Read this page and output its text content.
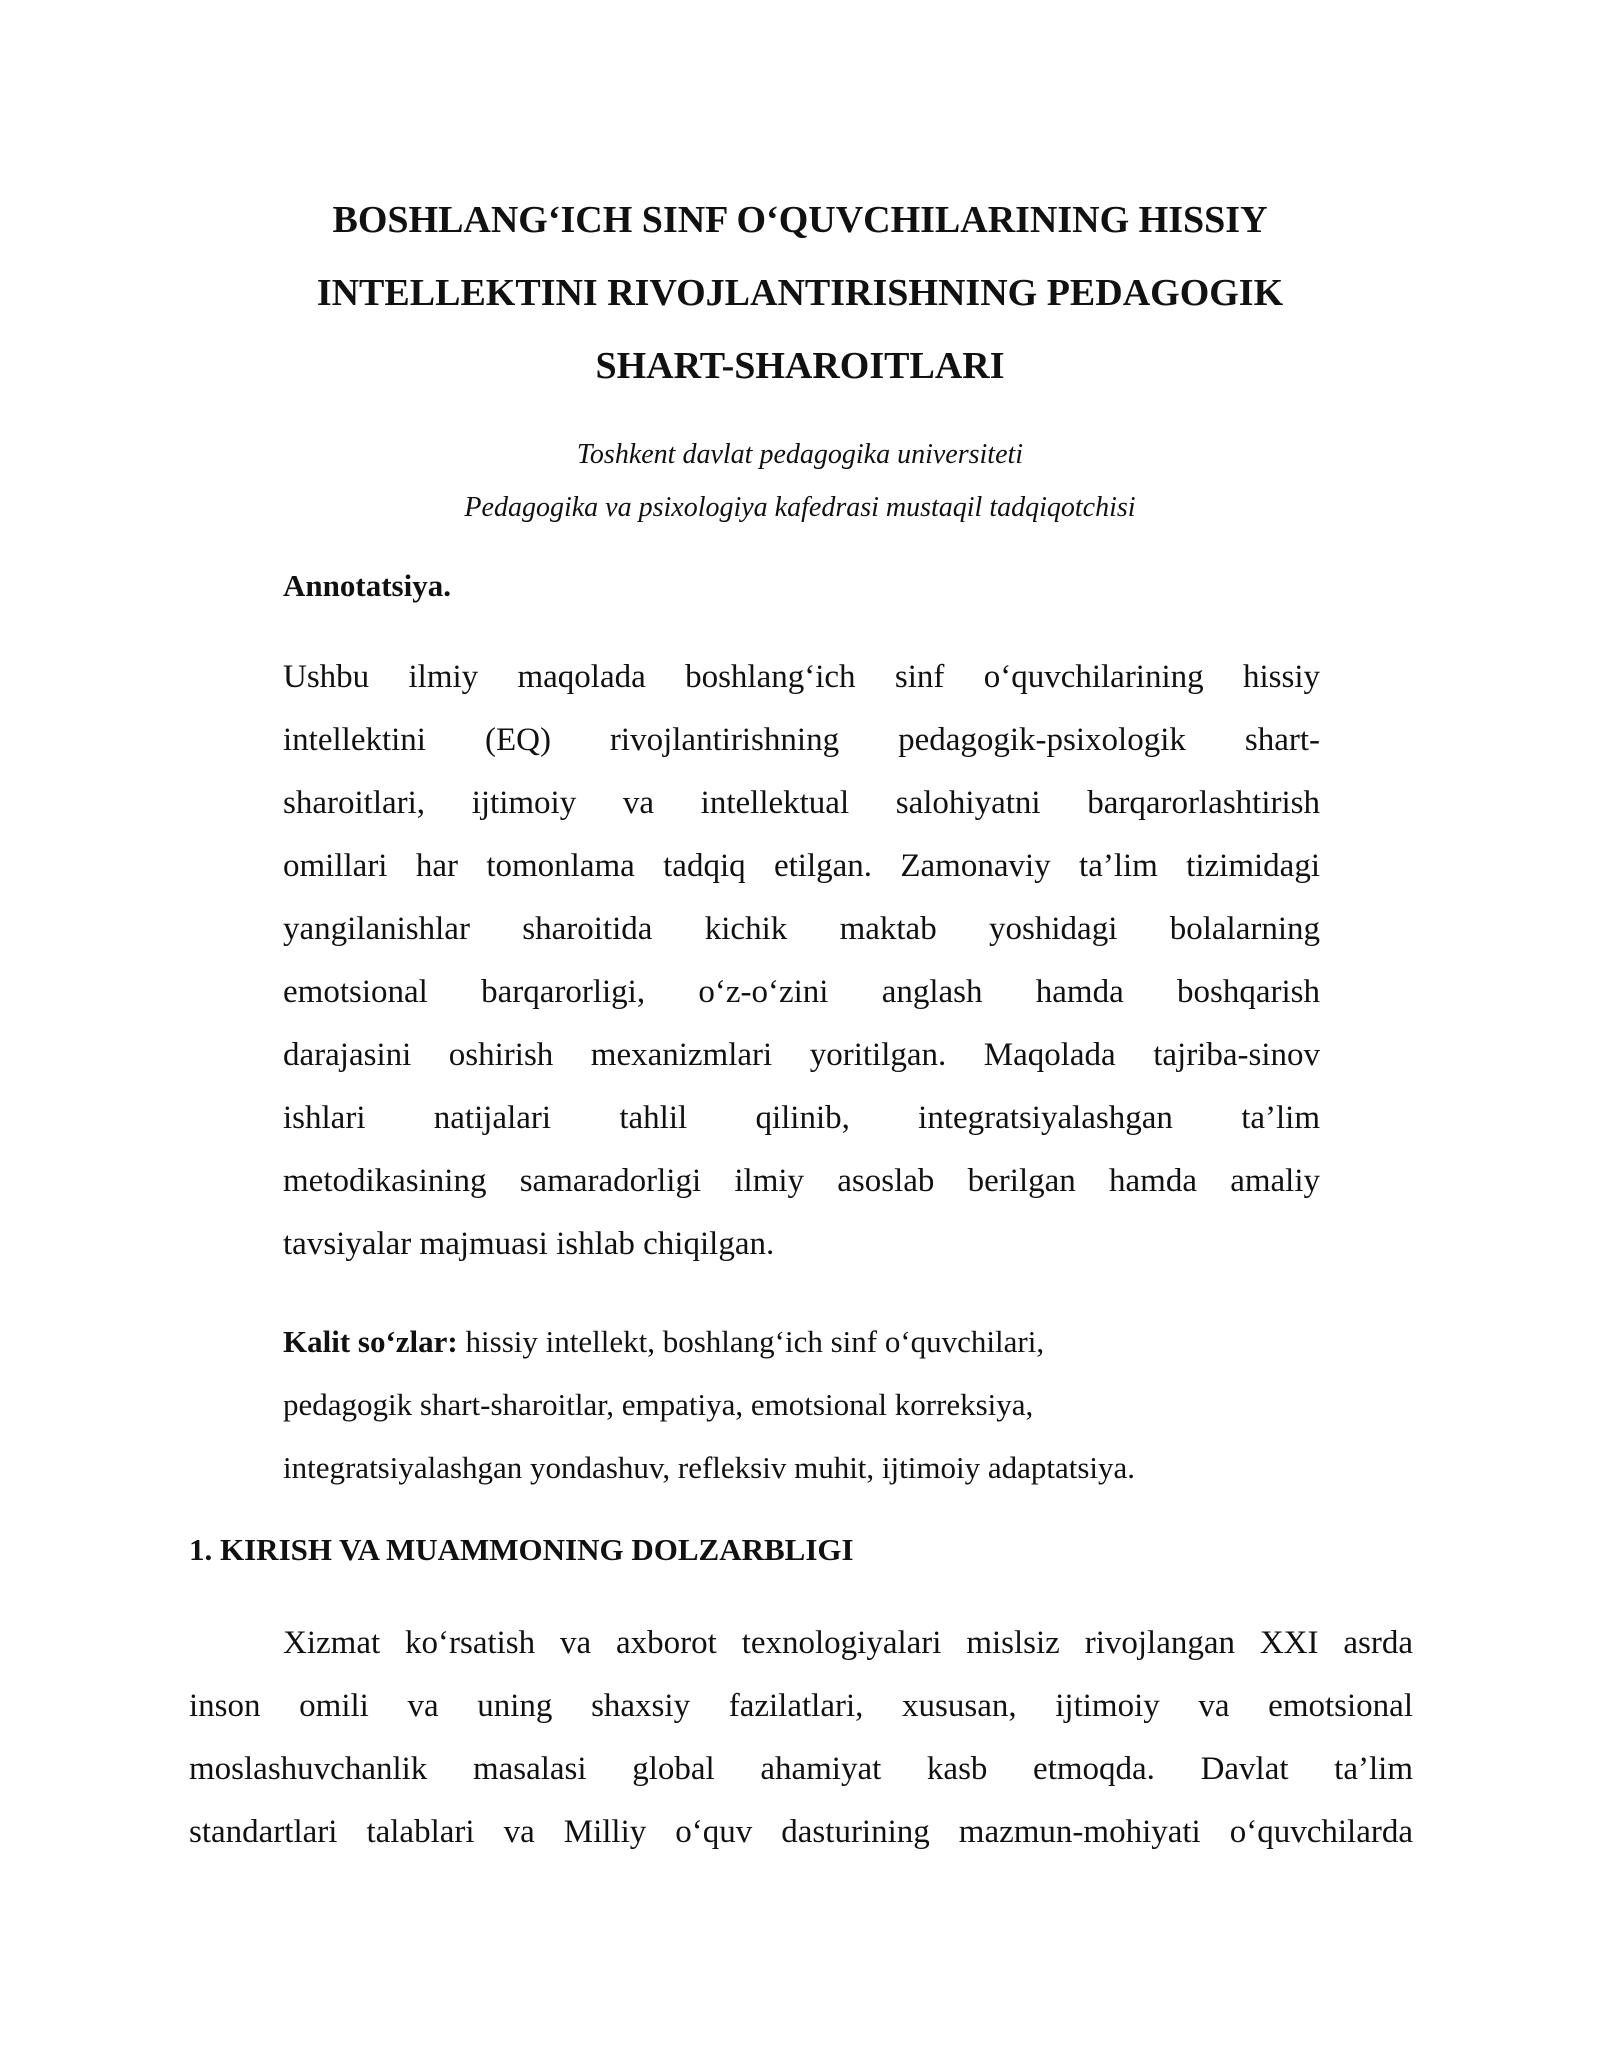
BOSHLANG‘ICH SINF O‘QUVCHILARINING HISSIY
INTELLEKTINI RIVOJLANTIRISHNING PEDAGOGIK
SHART-SHAROITLARI
Toshkent davlat pedagogika universiteti
Pedagogika va psixologiya kafedrasi mustaqil tadqiqotchisi
Annotatsiya.
Ushbu ilmiy maqolada boshlang‘ich sinf o‘quvchilarining hissiy
intellektini (EQ) rivojlantirishning pedagogik-psixologik shart-
sharoitlari, ijtimoiy va intellektual salohiyatni barqarorlashtirish
omillari har tomonlama tadqiq etilgan. Zamonaviy ta’lim tizimidagi
yangilanishlar sharoitida kichik maktab yoshidagi bolalarning
emotsional barqarorligi, o‘z-o‘zini anglash hamda boshqarish
darajasini oshirish mexanizmlari yoritilgan. Maqolada tajriba-sinov
ishlari natijalari tahlil qilinib, integratsiyalashgan ta’lim
metodikasining samaradorligi ilmiy asoslab berilgan hamda amaliy
tavsiyalar majmuasi ishlab chiqilgan.
Kalit so‘zlar: hissiy intellekt, boshlang‘ich sinf o‘quvchilari,
pedagogik shart-sharoitlar, empatiya, emotsional korreksiya,
integratsiyalashgan yondashuv, refleksiv muhit, ijtimoiy adaptatsiya.
1. KIRISH VA MUAMMONING DOLZARBLIGI
Xizmat ko‘rsatish va axborot texnologiyalari mislsiz rivojlangan XXI asrda
inson omili va uning shaxsiy fazilatlari, xususan, ijtimoiy va emotsional
moslashuvchanlik masalasi global ahamiyat kasb etmoqda. Davlat ta’lim
standartlari talablari va Milliy o‘quv dasturining mazmun-mohiyati o‘quvchilarda
